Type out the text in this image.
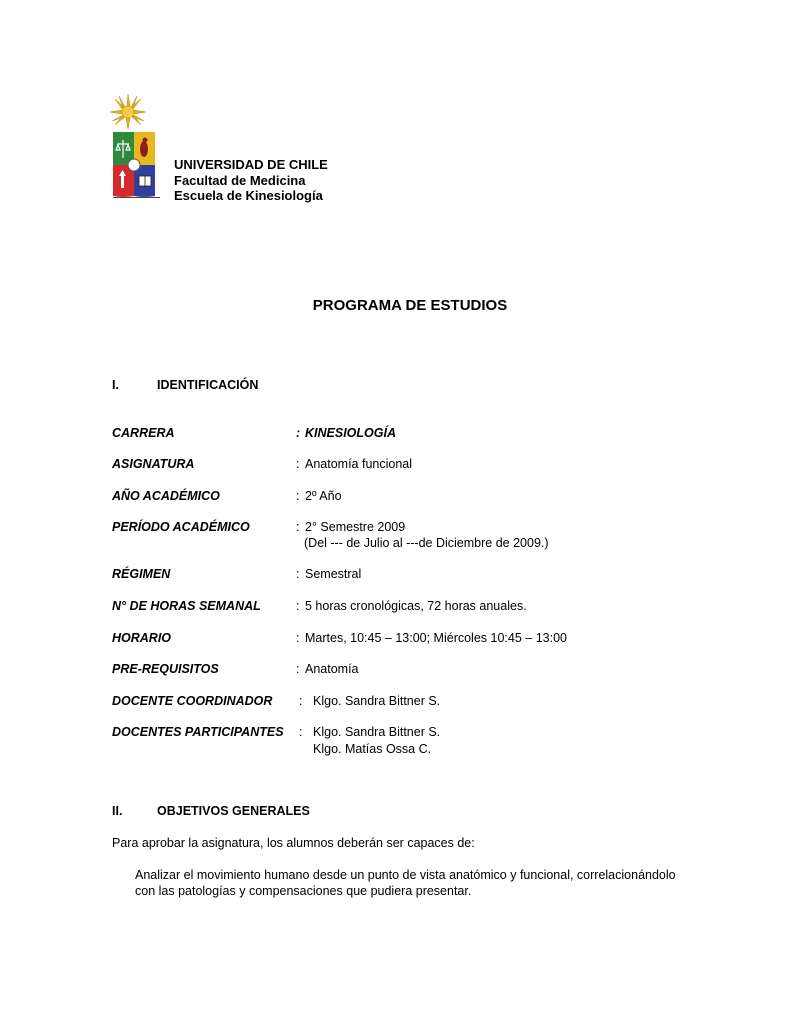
UNIVERSIDAD DE CHILE
Facultad de Medicina
Escuela de Kinesiología
PROGRAMA DE ESTUDIOS
I.	IDENTIFICACIÓN
CARRERA	: KINESIOLOGÍA
ASIGNATURA	: Anatomía funcional
AÑO ACADÉMICO	: 2º Año
PERÍODO ACADÉMICO	: 2° Semestre 2009
(Del --- de Julio al ---de Diciembre de 2009.)
RÉGIMEN	: Semestral
N° DE HORAS SEMANAL	: 5 horas cronológicas, 72 horas anuales.
HORARIO	: Martes, 10:45 – 13:00; Miércoles 10:45 – 13:00
PRE-REQUISITOS	: Anatomía
DOCENTE COORDINADOR : Klgo. Sandra Bittner S.
DOCENTES PARTICIPANTES : Klgo. Sandra Bittner S.
Klgo. Matías Ossa C.
II.	OBJETIVOS GENERALES
Para aprobar la asignatura, los alumnos deberán ser capaces de:
Analizar el movimiento humano desde un punto de vista anatómico y funcional, correlacionándolo
con las patologías y compensaciones que pudiera presentar.
